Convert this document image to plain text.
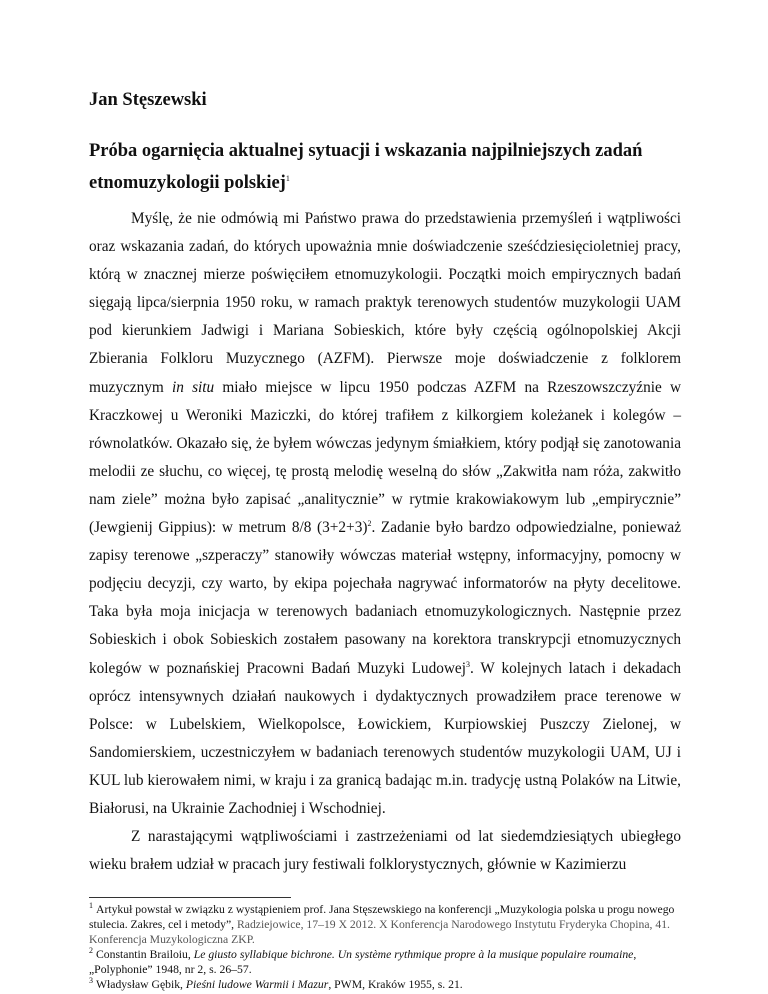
Jan Stęszewski
Próba ogarnięcia aktualnej sytuacji i wskazania najpilniejszych zadań etnomuzykologii polskiej$^1$

Myślę, że nie odmówią mi Państwo prawa do przedstawienia przemyśleń i wątpliwości oraz wskazania zadań, do których upoważnia mnie doświadczenie sześćdziesięcioletniej pracy, którą w znacznej mierze poświęciłem etnomuzykologii. Początki moich empirycznych badań sięgają lipca/sierpnia 1950 roku, w ramach praktyk terenowych studentów muzykologii UAM pod kierunkiem Jadwigi i Mariana Sobieskich, które były częścią ogólnopolskiej Akcji Zbierania Folkloru Muzycznego (AZFM). Pierwsze moje doświadczenie z folklorem muzycznym in situ miało miejsce w lipcu 1950 podczas AZFM na Rzeszowszczyźnie w Kraczkowej u Weroniki Maziczki, do której trafiłem z kilkorgiem koleżanek i kolegów – równolatków. Okazało się, że byłem wówczas jedynym śmiałkiem, który podjął się zanotowania melodii ze słuchu, co więcej, tę prostą melodię weselną do słów „Zakwitła nam róża, zakwitło nam ziele” można było zapisać „analitycznie” w rytmie krakowiakowym lub „empirycznie” (Jewgienij Gippius): w metrum 8/8 $(3+2+3)^2$. Zadanie było bardzo odpowiedzialne, ponieważ zapisy terenowe „szperaczy” stanowiły wówczas materiał wstępny, informacyjny, pomocny w podjęciu decyzji, czy warto, by ekipa pojechała nagrywać informatorów na płyty decelitowe. Taka była moja inicjacja w terenowych badaniach etnomuzykologicznych. Następnie przez Sobieskich i obok Sobieskich zostałem pasowany na korektora transkrypcji etnomuzycznych kolegów w poznańskiej Pracowni Badań Muzyki Ludowej$^3$. W kolejnych latach i dekadach oprócz intensywnych działań naukowych i dydaktycznych prowadziłem prace terenowe w Polsce: w Lubelskiem, Wielkopolsce, Łowickiem, Kurpiowskiej Puszczy Zielonej, w Sandomierskiem, uczestniczyłem w badaniach terenowych studentów muzykologii UAM, UJ i KUL lub kierowałem nimi, w kraju i za granicą badając m.in. tradycję ustną Polaków na Litwie, Białorusi, na Ukrainie Zachodniej i Wschodniej.

Z narastającymi wątpliwościami i zastrzeżeniami od lat siedemdziesiątych ubiegłego wieku brałem udział w pracach jury festiwali folklorystycznych, głównie w Kazimierzu

$^1$ Artykuł powstał w związku z wystąpieniem prof. Jana Stęszewskiego na konferencji „Muzykologia polska u progu nowego stulecia. Zakres, cel i metody”, Radziejowice, 17–19 X 2012. X Konferencja Narodowego Instytutu Fryderyka Chopina, 41. Konferencja Muzykologiczna ZKP.

$^2$ Constantin Brailoiu, Le giusto syllabique bichrone. Un système rythmique propre à la musique populaire roumaine, „Polyphonie” 1948, nr 2, s. 26–57.

$^3$ Władysław Gębik, Pieśni ludowe Warmii i Mazur, PWM, Kraków 1955, s. 21.
